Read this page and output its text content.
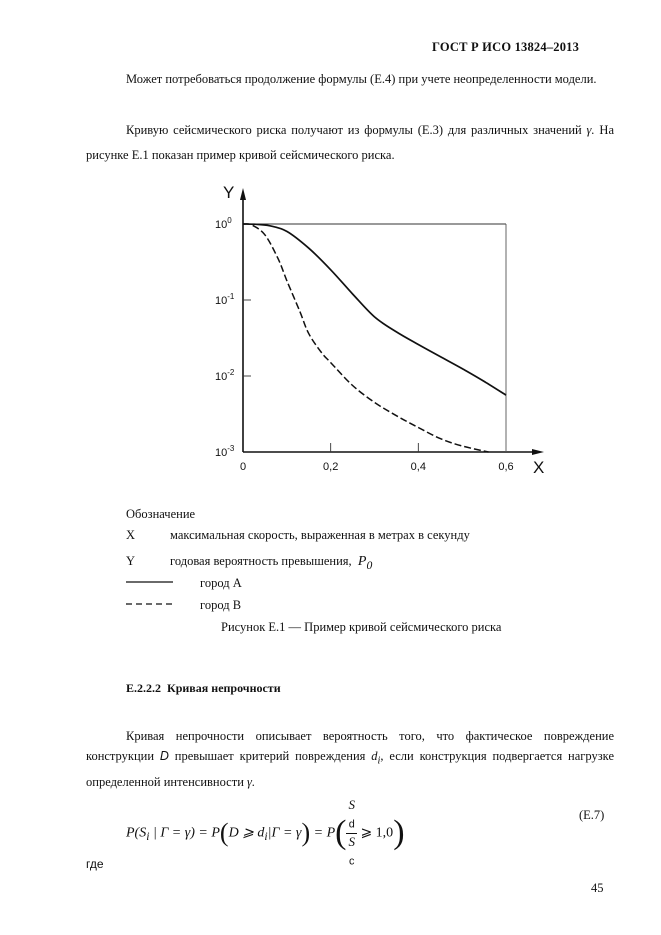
ГОСТ Р ИСО 13824–2013
Может потребоваться продолжение формулы (Е.4) при учете неопределенности модели.
Кривую сейсмического риска получают из формулы (Е.3) для различных значений γ. На рисунке Е.1 показан пример кривой сейсмического риска.
Y
X
$10^0$
$10^{-1}$
$10^{-2}$
$10^{-3}$
0	0,2	0,4	0,6
Обозначение
X	максимальная скорость, выраженная в метрах в секунду
Y	годовая вероятность превышения, $P_0$
город А
город В
Рисунок Е.1 — Пример кривой сейсмического риска
Е.2.2.2 Кривая непрочности
Кривая непрочности описывает вероятность того, что фактическое повреждение конструкции D превышает критерий повреждения $d_i$, если конструкция подвергается нагрузке определенной интенсивности γ.
$P(S_i$ | Γ = γ) = P(D ⩾ $d_i|\Gamma = \gamma) = P$( S
$_d$
S
$_c$ ⩾ 1,0)	(Е.7)
где
45
